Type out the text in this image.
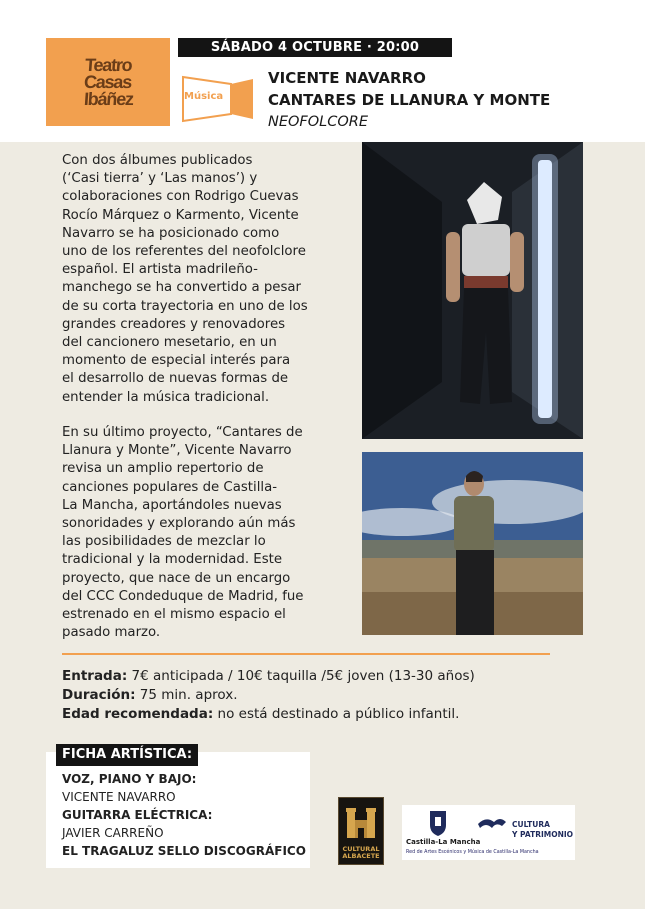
Teatro
Casas
Ibáñez
SÁBADO 4 OCTUBRE · 20:00
Música
VICENTE NAVARRO
CANTARES DE LLANURA Y MONTE
NEOFOLCORE
Con dos álbumes publicados
(‘Casi tierra’ y ‘Las manos’) y
colaboraciones con Rodrigo Cuevas
Rocío Márquez o Karmento, Vicente
Navarro se ha posicionado como
uno de los referentes del neofolclore
español. El artista madrileño-
manchego se ha convertido a pesar
de su corta trayectoria en uno de los
grandes creadores y renovadores
del cancionero mesetario, en un
momento de especial interés para
el desarrollo de nuevas formas de
entender la música tradicional.
En su último proyecto, “Cantares de
Llanura y Monte”, Vicente Navarro
revisa un amplio repertorio de
canciones populares de Castilla-
La Mancha, aportándoles nuevas
sonoridades y explorando aún más
las posibilidades de mezclar lo
tradicional y la modernidad. Este
proyecto, que nace de un encargo
del CCC Condeduque de Madrid, fue
estrenado en el mismo espacio el
pasado marzo.
Entrada: 7€ anticipada / 10€ taquilla /5€ joven (13-30 años)
Duración: 75 min. aprox.
Edad recomendada: no está destinado a público infantil.
FICHA ARTÍSTICA:
VOZ, PIANO Y BAJO:
VICENTE NAVARRO
GUITARRA ELÉCTRICA:
JAVIER CARREÑO
EL TRAGALUZ SELLO DISCOGRÁFICO	CULTURAL
ALBACETE
Castilla-La Mancha
Red de Artes Escénicos y Música de Castilla-La Mancha
CULTURA
Y PATRIMONIO
